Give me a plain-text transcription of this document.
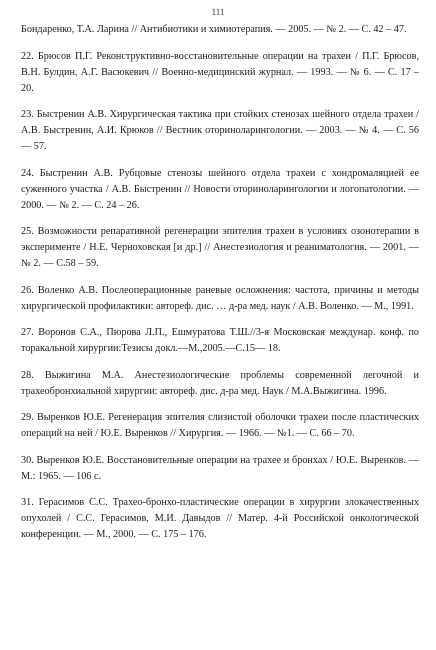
111

Бондаренко, Т.А. Ларина // Антибиотики и химиотерапия. — 2005. — № 2. — С. 42 – 47.

22. Брюсов П.Г. Реконструктивно-восстановительные операции на трахеи / П.Г. Брюсов, В.Н. Булдин, А.Г. Васюкевич // Военно-медицинский журнал. — 1993. — № 6. — С. 17 – 20.

23. Быстренин А.В. Хирургическая тактика при стойких стенозах шейного отдела трахеи / А.В. Быстренин, А.И. Крюков // Вестник оториноларингологии. — 2003. — № 4. — С. 56 — 57.

24. Быстренин А.В. Рубцовые стенозы шейного отдела трахеи с хондромаляцией ее суженного участка / А.В. Быстренин // Новости оториноларингологии и логопатологии. — 2000. — № 2. — С. 24 – 26.

25. Возможности репаративной регенерации эпителия трахеи в условиях озонотерапии в эксперименте / Н.Е. Черноховская [и др.] // Анестезиология и реаниматология. — 2001. — № 2. — С.58 – 59.

26. Воленко А.В. Послеоперационные раневые осложнения: частота, причины и методы хирургической профилактики: автореф. дис. … д-ра мед. наук / А.В. Воленко. — М., 1991.

27. Воронов С.А., Пюрова Л.П., Ешмуратова Т.Ш.//3-я Московская междунар. конф. по торакальной хирургии:Тезисы докл.—М.,2005.—С.15— 18.

28. Выжигина М.А. Анестезиологические проблемы современной легочной и трахеобронхиальной хирургии: автореф. дис. д-ра мед. Наук / М.А.Выжигина. 1996.

29. Выренков Ю.Е. Регенерация эпителия слизистой оболочки трахеи после пластических операций на ней / Ю.Е. Выренков // Хирургия. — 1966. — №1. — С. 66 – 70.

30. Выренков Ю.Е. Восстановительные операции на трахее и бронхах / Ю.Е. Выренков. — М.: 1965. — 106 с.

31. Герасимов С.С. Трахео-бронхо-пластические операции в хирургии злокачественных опухолей / С.С. Герасимов, М.И. Давыдов // Матер. 4-й Российской онкологической конференции. — М., 2000. — С. 175 – 176.
